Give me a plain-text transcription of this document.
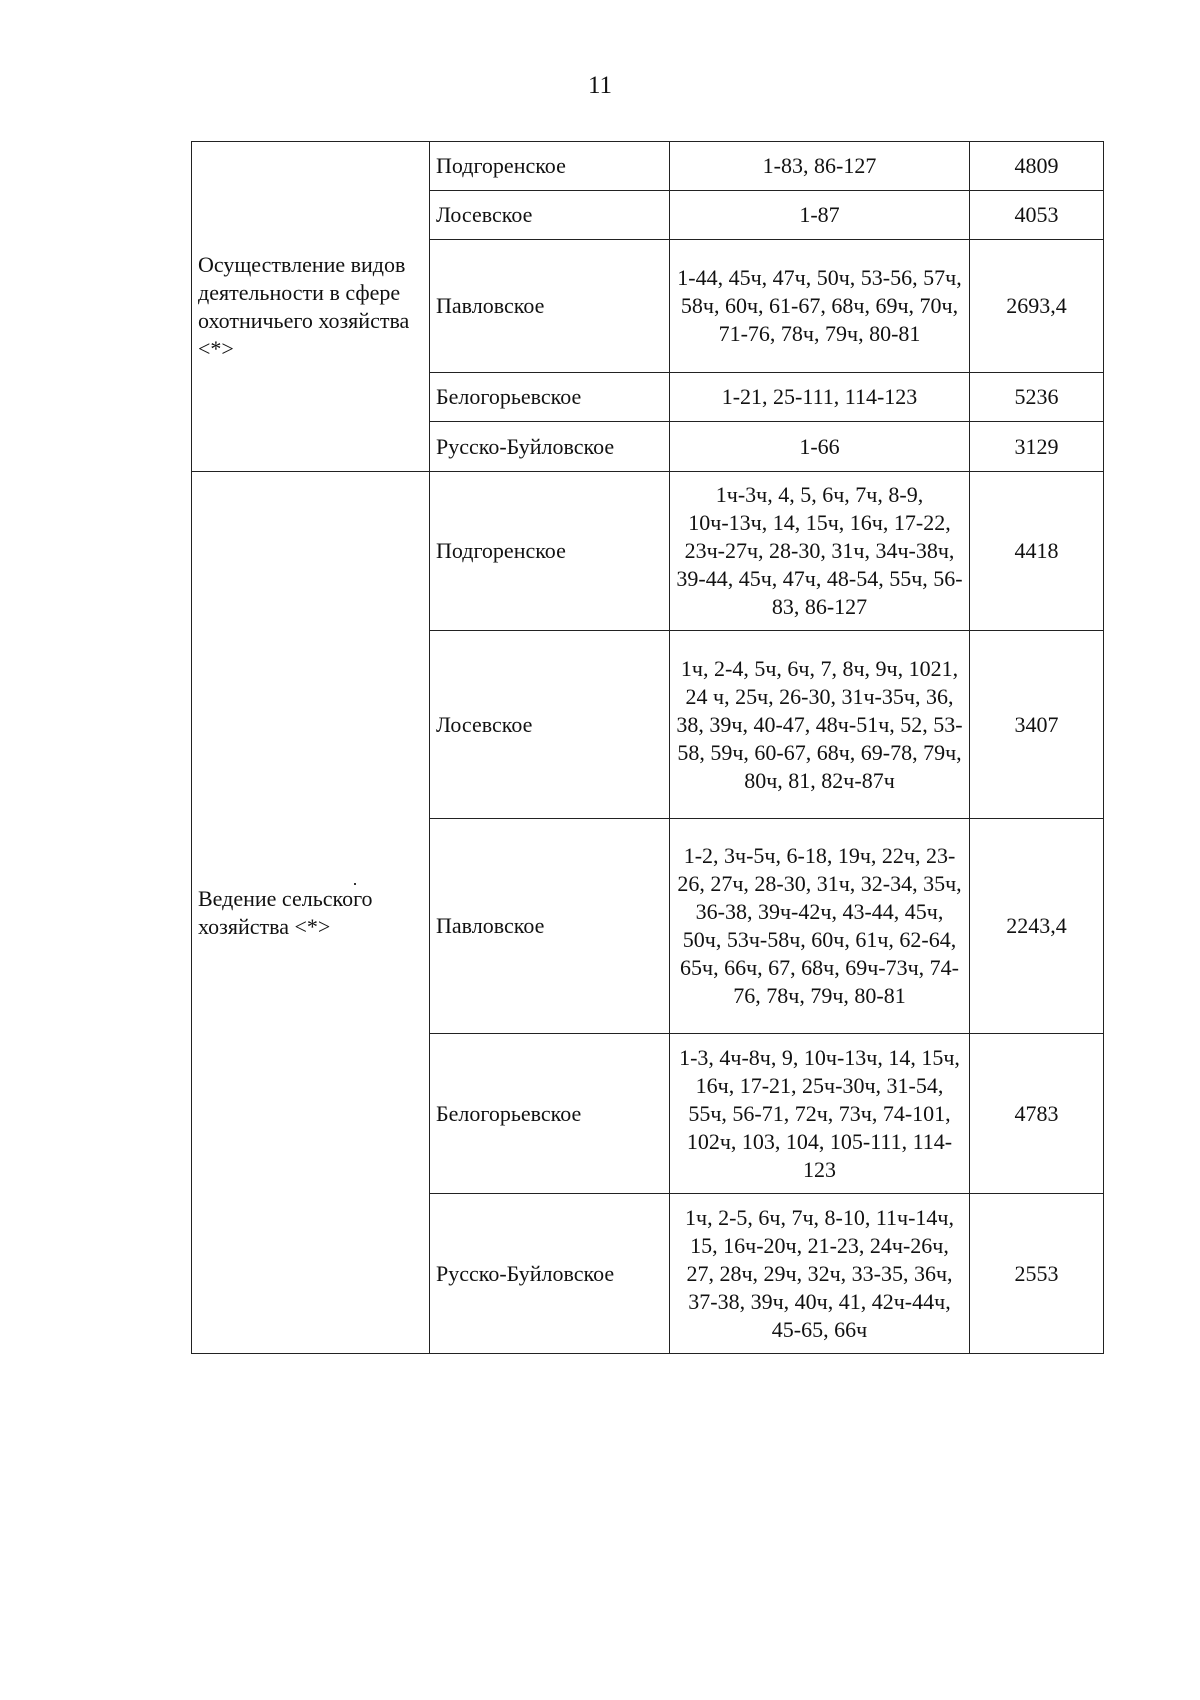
11
Осуществление видов деятельности в сфере охотничьего хозяйства <*>	Подгоренское	1-83, 86-127	4809
	Лосевское	1-87	4053
	Павловское	1-44, 45ч, 47ч, 50ч, 53-56, 57ч, 58ч, 60ч, 61-67, 68ч, 69ч, 70ч, 71-76, 78ч, 79ч, 80-81	2693,4
	Белогорьевское	1-21, 25-111, 114-123	5236
	Русско-Буйловское	1-66	3129
Ведение сельского хозяйства <*>	Подгоренское	1ч-3ч, 4, 5, 6ч, 7ч, 8-9, 10ч-13ч, 14, 15ч, 16ч, 17-22, 23ч-27ч, 28-30, 31ч, 34ч-38ч, 39-44, 45ч, 47ч, 48-54, 55ч, 56-83, 86-127	4418
	Лосевское	1ч, 2-4, 5ч, 6ч, 7, 8ч, 9ч, 1021, 24 ч, 25ч, 26-30, 31ч-35ч, 36, 38, 39ч, 40-47, 48ч-51ч, 52, 53-58, 59ч, 60-67, 68ч, 69-78, 79ч, 80ч, 81, 82ч-87ч	3407
	Павловское	1-2, 3ч-5ч, 6-18, 19ч, 22ч, 23-26, 27ч, 28-30, 31ч, 32-34, 35ч, 36-38, 39ч-42ч, 43-44, 45ч, 50ч, 53ч-58ч, 60ч, 61ч, 62-64, 65ч, 66ч, 67, 68ч, 69ч-73ч, 74-76, 78ч, 79ч, 80-81	2243,4
	Белогорьевское	1-3, 4ч-8ч, 9, 10ч-13ч, 14, 15ч, 16ч, 17-21, 25ч-30ч, 31-54, 55ч, 56-71, 72ч, 73ч, 74-101, 102ч, 103, 104, 105-111, 114-123	4783
	Русско-Буйловское	1ч, 2-5, 6ч, 7ч, 8-10, 11ч-14ч, 15, 16ч-20ч, 21-23, 24ч-26ч, 27, 28ч, 29ч, 32ч, 33-35, 36ч, 37-38, 39ч, 40ч, 41, 42ч-44ч, 45-65, 66ч	2553
